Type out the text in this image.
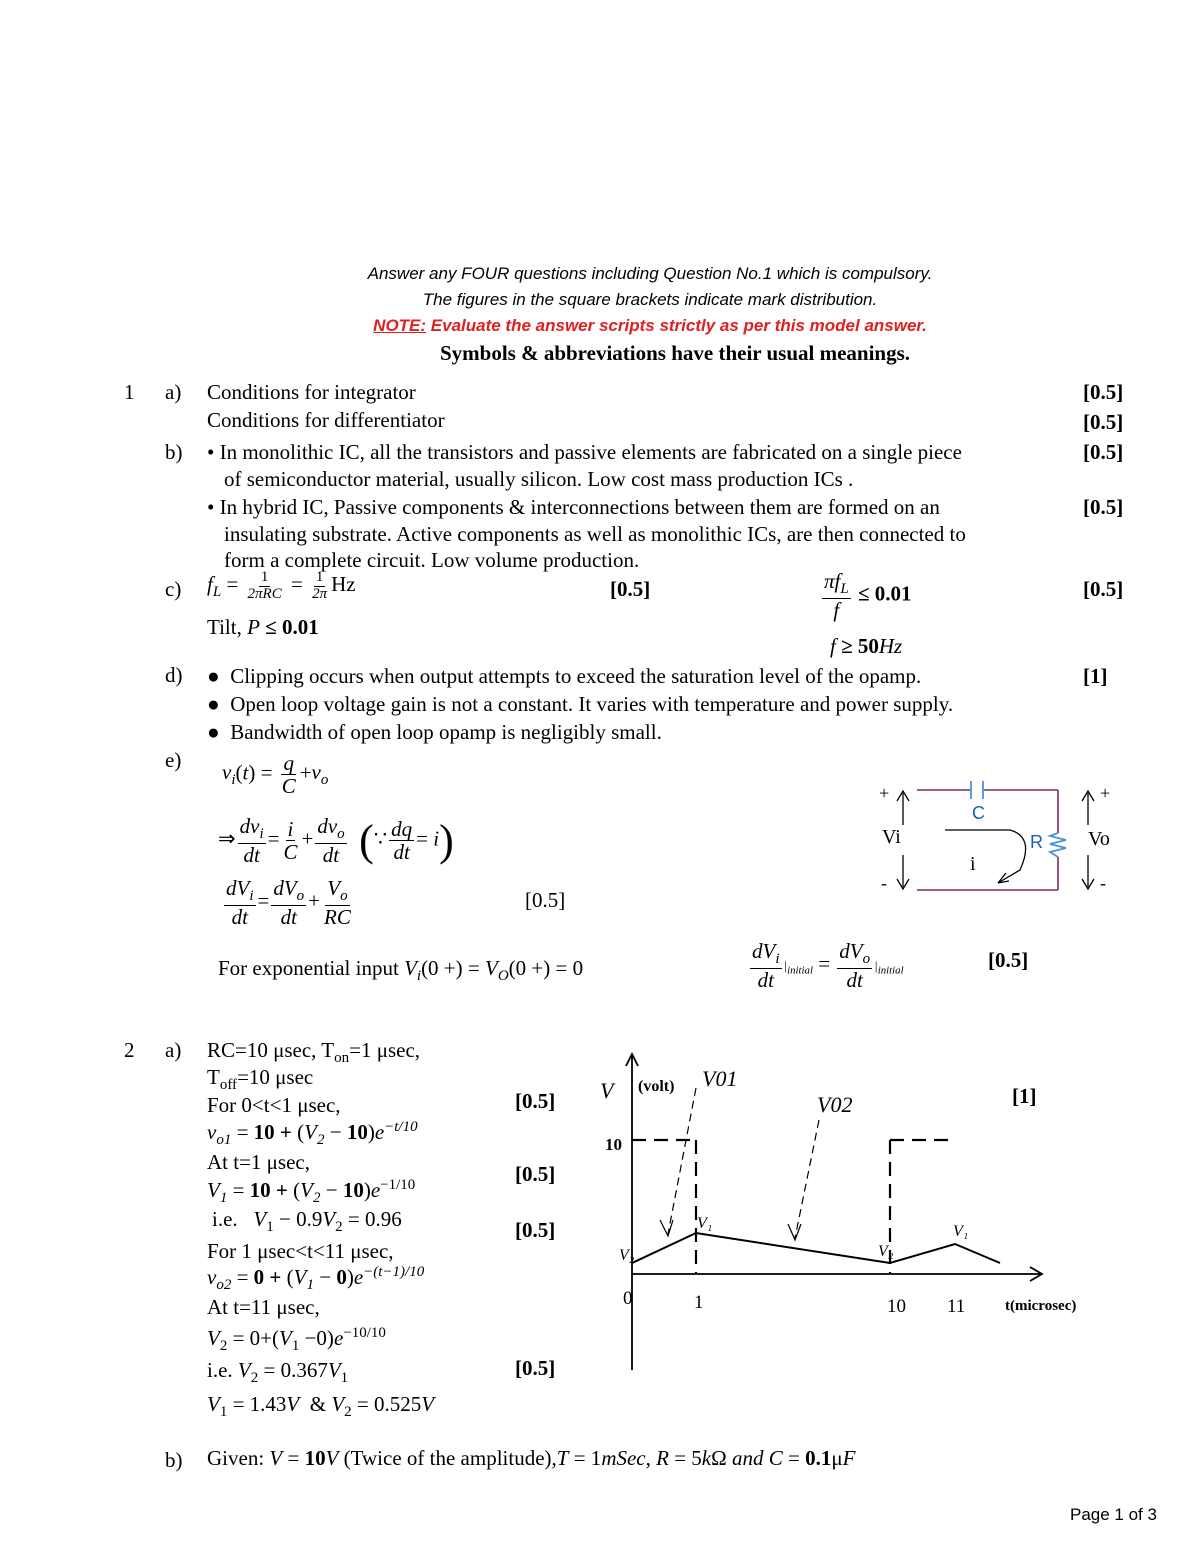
Answer any FOUR questions including Question No.1 which is compulsory.
The figures in the square brackets indicate mark distribution.
NOTE: Evaluate the answer scripts strictly as per this model answer.
Symbols & abbreviations have their usual meanings.
1 a) Conditions for integrator	[0.5]
Conditions for differentiator	[0.5]
b) • In monolithic IC, all the transistors and passive elements are fabricated on a single piece	[0.5]
of semiconductor material, usually silicon. Low cost mass production ICs .
• In hybrid IC, Passive components & interconnections between them are formed on an	[0.5]
insulating substrate. Active components as well as monolithic ICs, are then connected to
form a complete circuit. Low volume production.
c) $f_L = \frac{1}{\text{2πRC}} = \frac{1}{2\pi}$ Hz	[0.5]	$\frac{\pi f_L}{f} \le 0.01$	[0.5]
Tilt, P ≤ 0.01
f ≥ 50Hz
d) ●  Clipping occurs when output attempts to exceed the saturation level of the opamp.	[1]
●  Open loop voltage gain is not a constant. It varies with temperature and power supply.
●  Bandwidth of open loop opamp is negligibly small.
e)
$v_i(t) = \frac{q}{C} +v_o$
⇒ $\frac{dv_i}{dt} = \frac{i}{C} + \frac{dv_o}{dt}$ (∵ $\frac{dq}{dt} = i$)
$\frac{dV_i}{dt} = \frac{dV_o}{dt} + \frac{V_o}{RC}$	[0.5]
For exponential input $V_i(0$ +) = $V_O(0$ +) = 0	$\frac{dV_i}{dt} |_{initial} = \frac{dV_o}{dt} |_{initial}$	[0.5]
C
R
i
Vi	Vo
+	+
-	-
2 a) RC=10 μsec, $T_{on}=1$ μsec,
$T_{off}=10$ μsec
For 0<t<1 μsec,	[0.5]
$v_{o1} = 10 + (V_2 - 10)e^{-t/10}$
At t=1 μsec,	[0.5]
$V_1 = 10 + (V_2 - 10)e^{-1/10}$
i.e. $V_1 - 0.9V_2 = 0.96$	[0.5]
For 1 μsec<t<11 μsec,
$v_{o2} = 0 + (V_1 - 0)e^{-(t-1)/10}$
At t=11 μsec,
$V_2 = 0+(V_1 -0)e^{-10/10}$
i.e. $V_2 = 0.367V_1$	[0.5]
$V_1 = 1.43V$  & $V_2 = 0.525V$
V (volt) V01
V02
10
V₁
V₂
V₁
V₂
0	1	10 11	t(microsec)
[1]
b) Given: V = 10V (Twice of the amplitude),T = 1mSec, R = 5kΩ and C = 0.1μF
Page 1 of 3
